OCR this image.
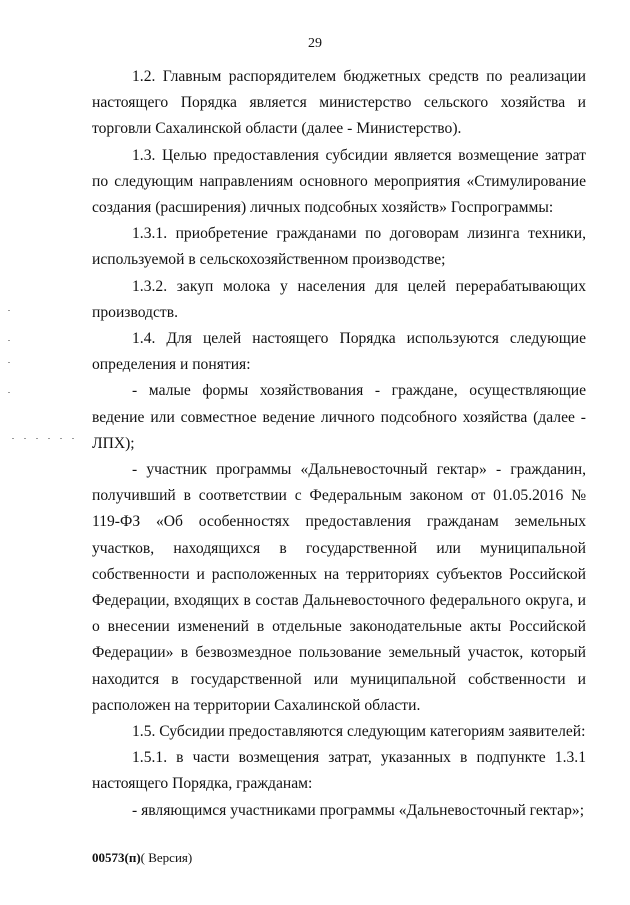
29

1.2. Главным распорядителем бюджетных средств по реализации настоящего Порядка является министерство сельского хозяйства и торговли Сахалинской области (далее - Министерство).

1.3. Целью предоставления субсидии является возмещение затрат по следующим направлениям основного мероприятия «Стимулирование создания (расширения) личных подсобных хозяйств» Госпрограммы:

1.3.1. приобретение гражданами по договорам лизинга техники, используемой в сельскохозяйственном производстве;

1.3.2. закуп молока у населения для целей перерабатывающих производств.

1.4. Для целей настоящего Порядка используются следующие определения и понятия:

- малые формы хозяйствования - граждане, осуществляющие ведение или совместное ведение личного подсобного хозяйства (далее - ЛПХ);

- участник программы «Дальневосточный гектар» - гражданин, получивший в соответствии с Федеральным законом от 01.05.2016 № 119-ФЗ «Об особенностях предоставления гражданам земельных участков, находящихся в государственной или муниципальной собственности и расположенных на территориях субъектов Российской Федерации, входящих в состав Дальневосточного федерального округа, и о внесении изменений в отдельные законодательные акты Российской Федерации» в безвозмездное пользование земельный участок, который находится в государственной или муниципальной собственности и расположен на территории Сахалинской области.

1.5. Субсидии предоставляются следующим категориям заявителей:

1.5.1. в части возмещения затрат, указанных в подпункте 1.3.1 настоящего Порядка, гражданам:

- являющимся участниками программы «Дальневосточный гектар»;

00573(п)( Версия)
